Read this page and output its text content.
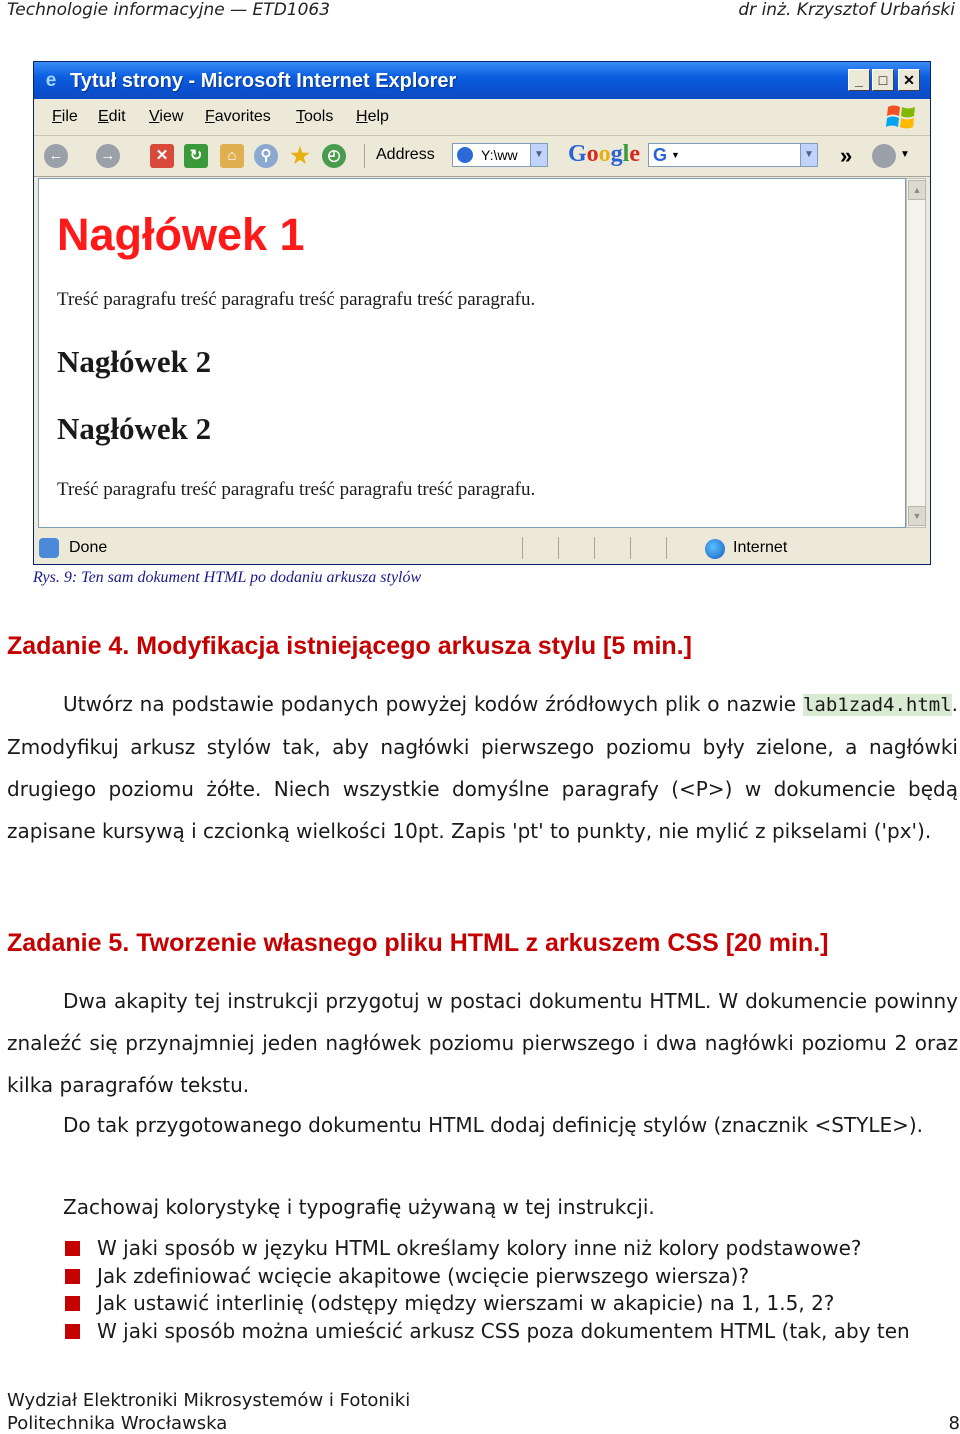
Technologie informacyjne — ETD1063	dr inż. Krzysztof Urbański
e Tytuł strony - Microsoft Internet Explorer	_	□	✕
File Edit View Favorites Tools Help
←	→	✕	↻	⌂	⚲ ★	◴	Address	Y:\ww	▼ Google G ▼	▼ »	▼
Nagłówek 1
Treść paragrafu treść paragrafu treść paragrafu treść paragrafu.
Nagłówek 2
Nagłówek 2
Treść paragrafu treść paragrafu treść paragrafu treść paragrafu.
▲
▼
Done	Internet
Rys. 9: Ten sam dokument HTML po dodaniu arkusza stylów
Zadanie 4. Modyfikacja istniejącego arkusza stylu [5 min.]
Utwórz na podstawie podanych powyżej kodów źródłowych plik o nazwie lab1zad4.html. Zmodyfikuj arkusz stylów tak, aby nagłówki pierwszego poziomu były zielone, a nagłówki drugiego poziomu żółte. Niech wszystkie domyślne paragrafy (<P>) w dokumencie będą zapisane kursywą i czcionką wielkości 10pt. Zapis 'pt' to punkty, nie mylić z pikselami ('px').
Zadanie 5. Tworzenie własnego pliku HTML z arkuszem CSS [20 min.]
Dwa akapity tej instrukcji przygotuj w postaci dokumentu HTML. W dokumencie powinny znaleźć się przynajmniej jeden nagłówek poziomu pierwszego i dwa nagłówki poziomu 2 oraz kilka paragrafów tekstu.
Do tak przygotowanego dokumentu HTML dodaj definicję stylów (znacznik <STYLE>).
Zachowaj kolorystykę i typografię używaną w tej instrukcji.
W jaki sposób w języku HTML określamy kolory inne niż kolory podstawowe?
Jak zdefiniować wcięcie akapitowe (wcięcie pierwszego wiersza)?
Jak ustawić interlinię (odstępy między wierszami w akapicie) na 1, 1.5, 2?
W jaki sposób można umieścić arkusz CSS poza dokumentem HTML (tak, aby ten
Wydział Elektroniki Mikrosystemów i Fotoniki
Politechnika Wrocławska	8
